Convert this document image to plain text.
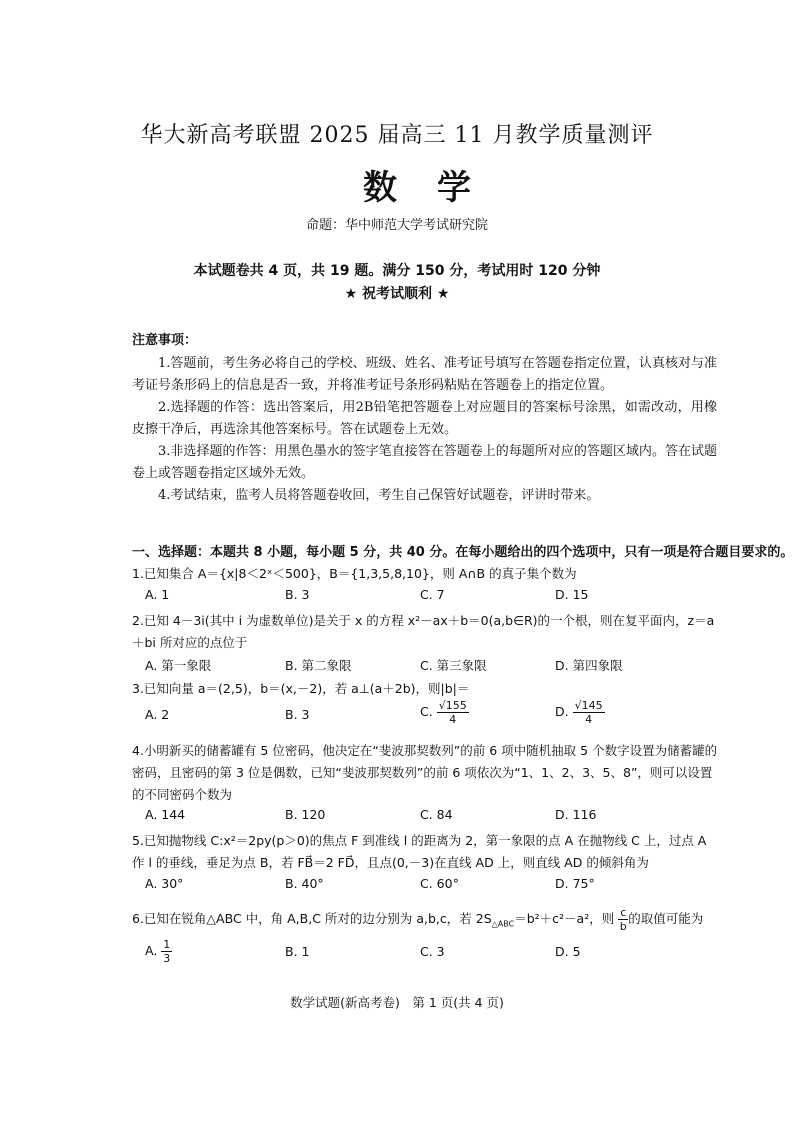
华大新高考联盟 2025 届高三 11 月教学质量测评
数学
命题：华中师范大学考试研究院
本试题卷共 4 页，共 19 题。满分 150 分，考试用时 120 分钟
★ 祝考试顺利 ★
注意事项：
1.答题前，考生务必将自己的学校、班级、姓名、准考证号填写在答题卷指定位置，认真核对与准考证号条形码上的信息是否一致，并将准考证号条形码粘贴在答题卷上的指定位置。
2.选择题的作答：选出答案后，用2B铅笔把答题卷上对应题目的答案标号涂黑，如需改动，用橡皮擦干净后，再选涂其他答案标号。答在试题卷上无效。
3.非选择题的作答：用黑色墨水的签字笔直接答在答题卷上的每题所对应的答题区域内。答在试题卷上或答题卷指定区域外无效。
4.考试结束，监考人员将答题卷收回，考生自己保管好试题卷，评讲时带来。
一、选择题：本题共 8 小题，每小题 5 分，共 40 分。在每小题给出的四个选项中，只有一项是符合题目要求的。
1.已知集合 A＝{x|8＜2ˣ＜500}，B＝{1,3,5,8,10}，则 A∩B 的真子集个数为
A. 1	B. 3	C. 7	D. 15
2.已知 4－3i(其中 i 为虚数单位)是关于 x 的方程 x²－ax＋b＝0(a,b∈R)的一个根，则在复平面内，z＝a＋bi 所对应的点位于
A. 第一象限	B. 第二象限	C. 第三象限	D. 第四象限
3.已知向量 a＝(2,5)，b＝(x,－2)，若 a⊥(a＋2b)，则|b|＝
A. 2	B. 3	C. $\frac{√155}{4}$	D. $\frac{√145}{4}$
4.小明新买的储蓄罐有 5 位密码，他决定在“斐波那契数列”的前 6 项中随机抽取 5 个数字设置为储蓄罐的密码，且密码的第 3 位是偶数，已知“斐波那契数列”的前 6 项依次为“1、1、2、3、5、8”，则可以设置的不同密码个数为
A. 144	B. 120	C. 84	D. 116
5.已知抛物线 C:x²＝2py(p＞0)的焦点 F 到准线 l 的距离为 2，第一象限的点 A 在抛物线 C 上，过点 A 作 l 的垂线，垂足为点 B，若 FB⃗＝2 FD⃗，且点(0,－3)在直线 AD 上，则直线 AD 的倾斜角为
A. 30°	B. 40°	C. 60°	D. 75°
6.已知在锐角△ABC 中，角 A,B,C 所对的边分别为 a,b,c，若 $2S_{\triangle ABC}=b^2+c^2-a^2$，则 $\frac{c}{b}$ 的取值可能为
A. $\frac{1}{3}$	B. 1	C. 3	D. 5
数学试题(新高考卷)　第 1 页(共 4 页)
